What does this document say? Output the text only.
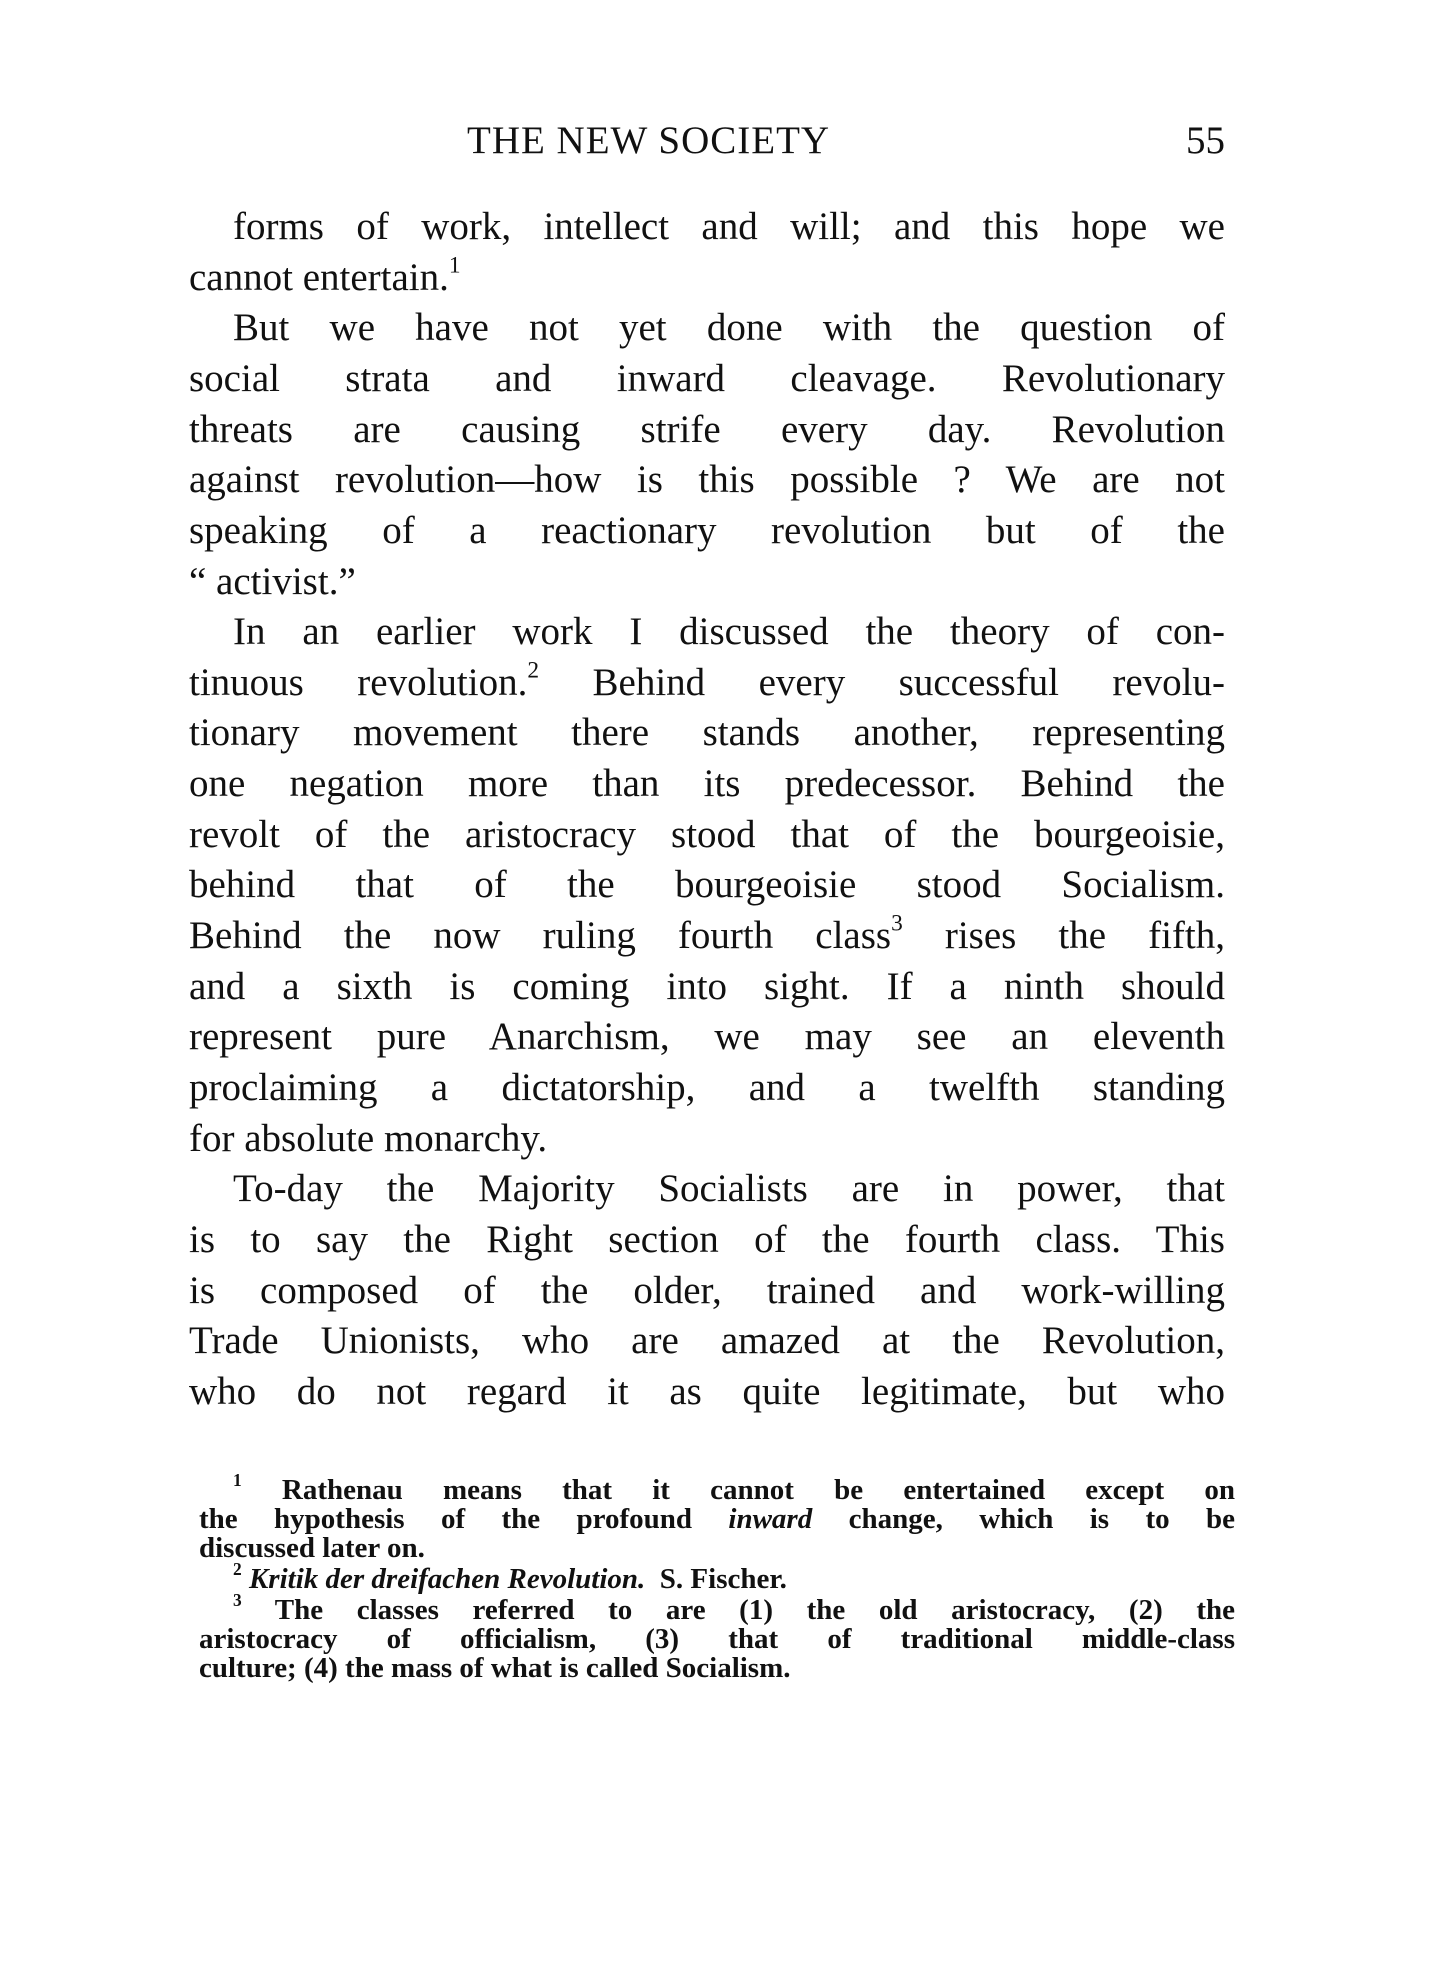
THE NEW SOCIETY	55
forms of work, intellect and will; and this hope we
cannot entertain.$^1$
But we have not yet done with the question of
social strata and inward cleavage. Revolutionary
threats are causing strife every day. Revolution
against revolution—how is this possible ? We are not
speaking of a reactionary revolution but of the
“ activist.”
In an earlier work I discussed the theory of con-
tinuous revolution.$^2$ Behind every successful revolu-
tionary movement there stands another, representing
one negation more than its predecessor. Behind the
revolt of the aristocracy stood that of the bourgeoisie,
behind that of the bourgeoisie stood Socialism.
Behind the now ruling fourth class$^3$ rises the fifth,
and a sixth is coming into sight. If a ninth should
represent pure Anarchism, we may see an eleventh
proclaiming a dictatorship, and a twelfth standing
for absolute monarchy.
To-day the Majority Socialists are in power, that
is to say the Right section of the fourth class. This
is composed of the older, trained and work-willing
Trade Unionists, who are amazed at the Revolution,
who do not regard it as quite legitimate, but who
$^1$ Rathenau means that it cannot be entertained except on
the hypothesis of the profound inward change, which is to be
discussed later on.
$^2$ Kritik der dreifachen Revolution.  S. Fischer.
$^3$ The classes referred to are (1) the old aristocracy, (2) the
aristocracy of officialism, (3) that of traditional middle-class
culture; (4) the mass of what is called Socialism.
